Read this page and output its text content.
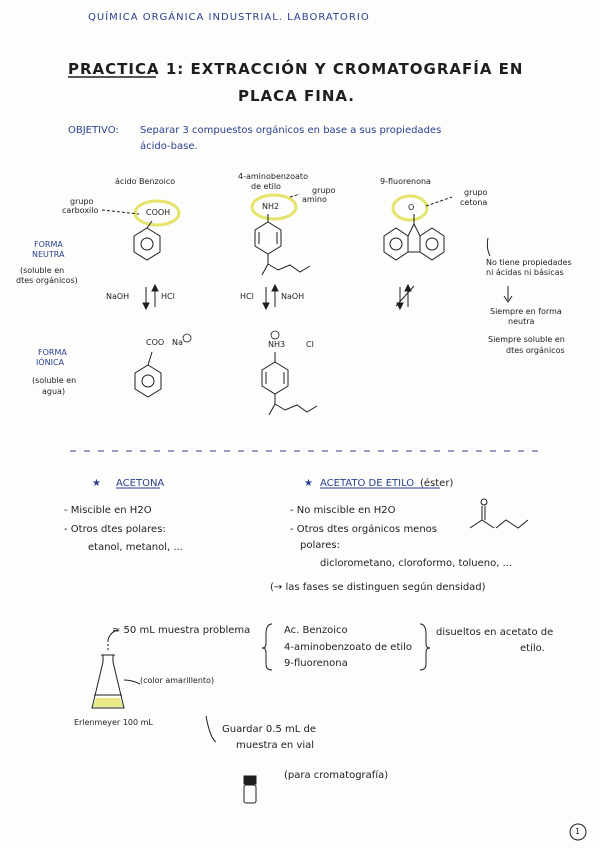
QUÍMICA ORGÁNICA INDUSTRIAL. LABORATORIO
PRACTICA 1: EXTRACCIÓN Y CROMATOGRAFÍA EN
PLACA FINA.
OBJETIVO: Separar 3 compuestos orgánicos en base a sus propiedades
ácido-base.
ácido Benzoico
4-aminobenzoato
de etilo
9-fluorenona
grupo
carboxilo	COOH
grupo
amino
NH2
grupo
cetona
O
FORMA
NEUTRA
(soluble en
dtes orgánicos)
FORMA
IÓNICA
(soluble en
agua)
NaOH	HCl	HCl	NaOH
COO Na	NH3	Cl
No tiene propiedades
ni ácidas ni básicas
Siempre en forma
neutra
Siempre soluble en
dtes orgánicos
★ ACETONA
- Miscible en H2O
- Otros dtes polares:
etanol, metanol, ...
★ ACETATO DE ETILO (éster)
- No miscible en H2O
- Otros dtes orgánicos menos
polares:
diclorometano, cloroformo, tolueno, ...
(→ las fases se distinguen según densidad)
≈ 50 mL muestra problema	Ac. Benzoico
4-aminobenzoato de etilo
9-fluorenona
disueltos en acetato de
etilo.
(color amarillento)
Erlenmeyer 100 mL
Guardar 0.5 mL de
muestra en vial
(para cromatografía)
1
